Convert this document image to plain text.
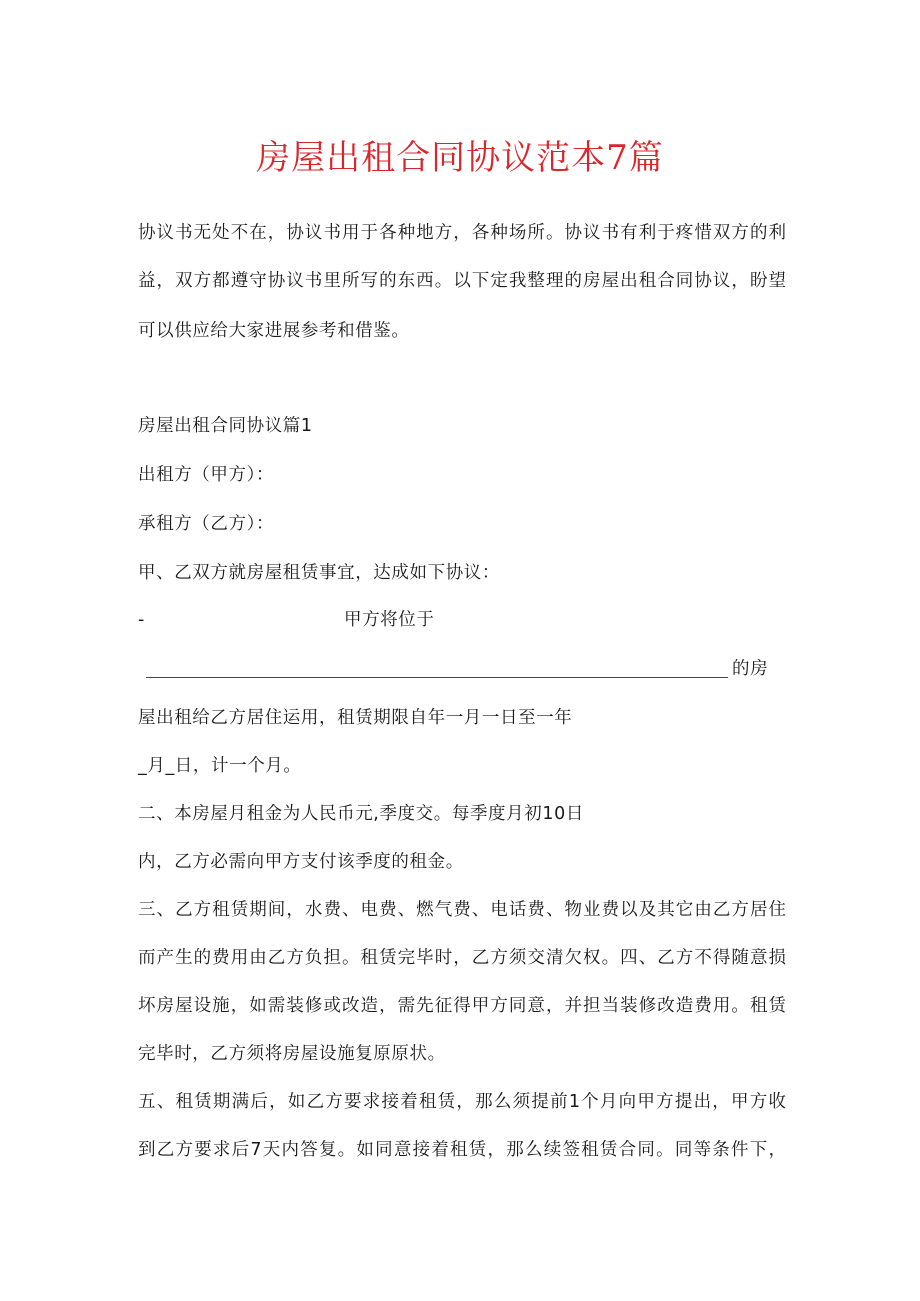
房屋出租合同协议范本7篇
协议书无处不在，协议书用于各种地方，各种场所。协议书有利于疼惜双方的利
益，双方都遵守协议书里所写的东西。以下定我整理的房屋出租合同协议，盼望
可以供应给大家进展参考和借鉴。
房屋出租合同协议篇1
出租方（甲方）：
承租方（乙方）：
甲、乙双方就房屋租赁事宜，达成如下协议：
-	甲方将位于
的房
屋出租给乙方居住运用，租赁期限自年一月一日至一年
_月_日，计一个月。
二、本房屋月租金为人民币元,季度交。每季度月初10日
内，乙方必需向甲方支付该季度的租金。
三、乙方租赁期间，水费、电费、燃气费、电话费、物业费以及其它由乙方居住
而产生的费用由乙方负担。租赁完毕时，乙方须交清欠权。四、乙方不得随意损
坏房屋设施，如需装修或改造，需先征得甲方同意，并担当装修改造费用。租赁
完毕时，乙方须将房屋设施复原原状。
五、租赁期满后，如乙方要求接着租赁，那么须提前1个月向甲方提出，甲方收
到乙方要求后7天内答复。如同意接着租赁，那么续签租赁合同。同等条件下，
